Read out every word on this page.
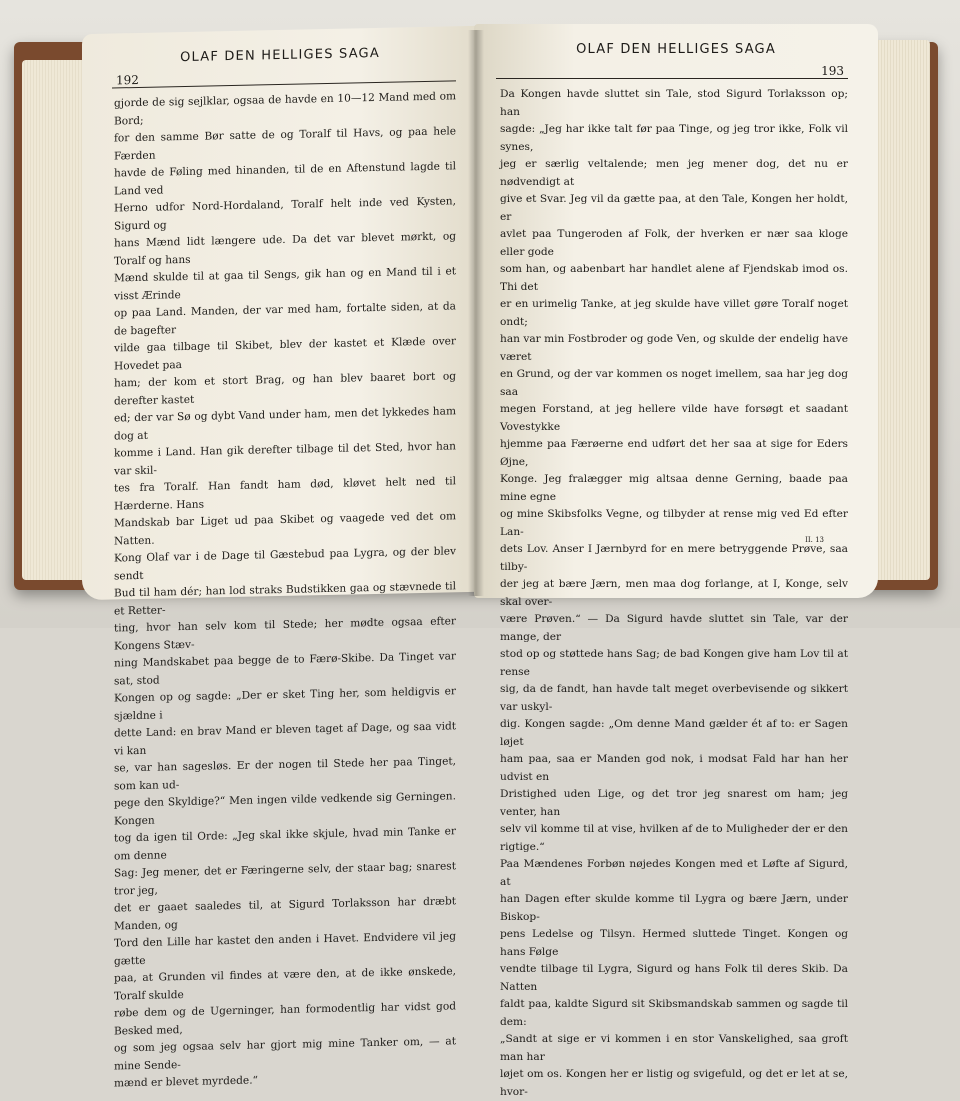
OLAF DEN HELLIGES SAGA
192
gjorde de sig sejlklar, ogsaa de havde en 10—12 Mand med om Bord;
for den samme Bør satte de og Toralf til Havs, og paa hele Færden
havde de Føling med hinanden, til de en Aftenstund lagde til Land ved
Herno udfor Nord-Hordaland, Toralf helt inde ved Kysten, Sigurd og
hans Mænd lidt længere ude. Da det var blevet mørkt, og Toralf og hans
Mænd skulde til at gaa til Sengs, gik han og en Mand til i et visst Ærinde
op paa Land. Manden, der var med ham, fortalte siden, at da de bagefter
vilde gaa tilbage til Skibet, blev der kastet et Klæde over Hovedet paa
ham; der kom et stort Brag, og han blev baaret bort og derefter kastet
ed; der var Sø og dybt Vand under ham, men det lykkedes ham dog at
komme i Land. Han gik derefter tilbage til det Sted, hvor han var skil-
tes fra Toralf. Han fandt ham død, kløvet helt ned til Hærderne. Hans
Mandskab bar Liget ud paa Skibet og vaagede ved det om Natten.
Kong Olaf var i de Dage til Gæstebud paa Lygra, og der blev sendt
Bud til ham dér; han lod straks Budstikken gaa og stævnede til et Retter-
ting, hvor han selv kom til Stede; her mødte ogsaa efter Kongens Stæv-
ning Mandskabet paa begge de to Færø-Skibe. Da Tinget var sat, stod
Kongen op og sagde: „Der er sket Ting her, som heldigvis er sjældne i
dette Land: en brav Mand er bleven taget af Dage, og saa vidt vi kan
se, var han sagesløs. Er der nogen til Stede her paa Tinget, som kan ud-
pege den Skyldige?“ Men ingen vilde vedkende sig Gerningen. Kongen
tog da igen til Orde: „Jeg skal ikke skjule, hvad min Tanke er om denne
Sag: Jeg mener, det er Færingerne selv, der staar bag; snarest tror jeg,
det er gaaet saaledes til, at Sigurd Torlaksson har dræbt Manden, og
Tord den Lille har kastet den anden i Havet. Endvidere vil jeg gætte
paa, at Grunden vil findes at være den, at de ikke ønskede, Toralf skulde
røbe dem og de Ugerninger, han formodentlig har vidst god Besked med,
og som jeg ogsaa selv har gjort mig mine Tanker om, — at mine Sende-
mænd er blevet myrdede.“
OLAF DEN HELLIGES SAGA
193
Da Kongen havde sluttet sin Tale, stod Sigurd Torlaksson op; han
sagde: „Jeg har ikke talt før paa Tinge, og jeg tror ikke, Folk vil synes,
jeg er særlig veltalende; men jeg mener dog, det nu er nødvendigt at
give et Svar. Jeg vil da gætte paa, at den Tale, Kongen her holdt, er
avlet paa Tungeroden af Folk, der hverken er nær saa kloge eller gode
som han, og aabenbart har handlet alene af Fjendskab imod os. Thi det
er en urimelig Tanke, at jeg skulde have villet gøre Toralf noget ondt;
han var min Fostbroder og gode Ven, og skulde der endelig have været
en Grund, og der var kommen os noget imellem, saa har jeg dog saa
megen Forstand, at jeg hellere vilde have forsøgt et saadant Vovestykke
hjemme paa Færøerne end udført det her saa at sige for Eders Øjne,
Konge. Jeg fralægger mig altsaa denne Gerning, baade paa mine egne
og mine Skibsfolks Vegne, og tilbyder at rense mig ved Ed efter Lan-
dets Lov. Anser I Jærnbyrd for en mere betryggende Prøve, saa tilby-
der jeg at bære Jærn, men maa dog forlange, at I, Konge, selv skal over-
være Prøven.“ — Da Sigurd havde sluttet sin Tale, var der mange, der
stod op og støttede hans Sag; de bad Kongen give ham Lov til at rense
sig, da de fandt, han havde talt meget overbevisende og sikkert var uskyl-
dig. Kongen sagde: „Om denne Mand gælder ét af to: er Sagen løjet
ham paa, saa er Manden god nok, i modsat Fald har han her udvist en
Dristighed uden Lige, og det tror jeg snarest om ham; jeg venter, han
selv vil komme til at vise, hvilken af de to Muligheder der er den rigtige.“
Paa Mændenes Forbøn nøjedes Kongen med et Løfte af Sigurd, at
han Dagen efter skulde komme til Lygra og bære Jærn, under Biskop-
pens Ledelse og Tilsyn. Hermed sluttede Tinget. Kongen og hans Følge
vendte tilbage til Lygra, Sigurd og hans Folk til deres Skib. Da Natten
faldt paa, kaldte Sigurd sit Skibsmandskab sammen og sagde til dem:
„Sandt at sige er vi kommen i en stor Vanskelighed, saa groft man har
løjet om os. Kongen her er listig og svigefuld, og det er let at se, hvor-
II. 13
